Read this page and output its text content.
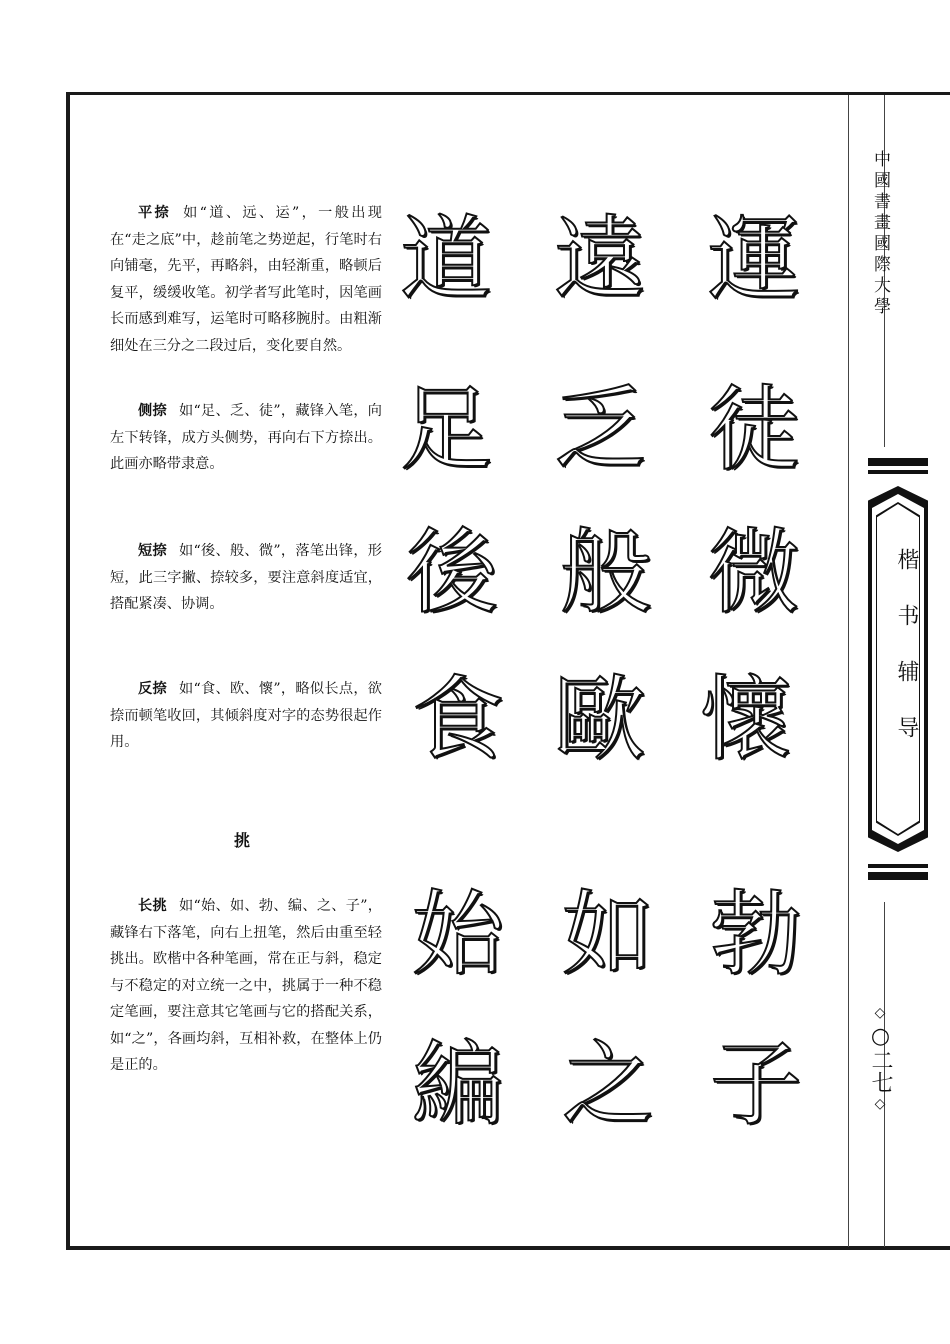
平捺 如“道、远、运”，一般出现在“走之底”中，趁前笔之势逆起，行笔时右向铺毫，先平，再略斜，由轻渐重，略顿后复平，缓缓收笔。初学者写此笔时，因笔画长而感到难写，运笔时可略移腕肘。由粗渐细处在三分之二段过后，变化要自然。
侧捺 如“足、乏、徒”，藏锋入笔，向左下转锋，成方头侧势，再向右下方捺出。此画亦略带隶意。
短捺 如“後、般、微”，落笔出锋，形短，此三字撇、捺较多，要注意斜度适宜，搭配紧凑、协调。
反捺 如“食、欧、懷”，略似长点，欲捺而顿笔收回，其倾斜度对字的态势很起作用。
挑
长挑 如“始、如、勃、编、之、子”，藏锋右下落笔，向右上扭笔，然后由重至轻挑出。欧楷中各种笔画，常在正与斜，稳定与不稳定的对立统一之中，挑属于一种不稳定笔画，要注意其它笔画与它的搭配关系，如“之”，各画均斜，互相补救，在整体上仍是正的。
道 遠 運
足 乏 徒
後 般 微
食 歐 懷
始 如 勃
編 之 子
中國書畫國際大學
楷书辅导
◇
○二七
◇
